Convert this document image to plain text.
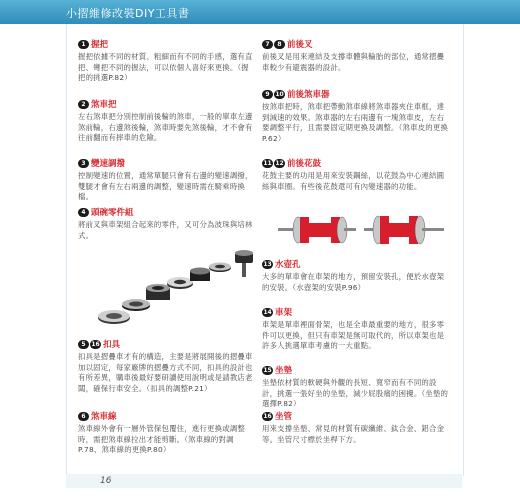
小摺維修改裝DIY工具書
1 握把
握把依據不同的材質、粗細而有不同的手感，選有直把、彎把不同的握法，可以依個人喜好來更換。（握把的挑選P.82）
2 煞車把
左右煞車把分別控制前後輪的煞車，一般的單車左邊煞前輪，右邊煞後輪，煞車時要先煞後輪，才不會有往前翻而有摔車的危險。
3 變速調撥
控制變速的位置，通常單腿只會有右邊的變速調撥，雙腿才會有左右兩邊的調整，變速時需在騎乘時換檔。
4 頭碗零件組
將前叉與車架組合起來的零件，又可分為波珠與培林式。
5 16 扣具
扣具是摺疊車才有的構造，主要是將展開後的摺疊車加以固定，每家廠牌的摺疊方式不同，扣具的設計也有所差異，購車後最好要研讀使用說明或是請教店老闆，確保行車安全。（扣具的調整P.21）
6 煞車線
煞車線外會有一層外管保包覆住，進行更換或調整時，需把煞車線拉出才能剪斷。（煞車線的對調P.78、煞車線的更換P.80）
7	8 前後叉
前後叉是用來連結及支撐車體與輪胎的部位，通常摺疊車較少有避震器的設計。
9 10 前後煞車器
按煞車把時，煞車把帶動煞車線將煞車器夾住車框，達到減速的效果。煞車器的左右兩邊有一塊煞車皮，左右要調整平行，且需要固定期更換及調整。（煞車皮的更換P.62）
11 12 前後花鼓
花鼓主要的功用是用來安裝鋼絲，以花鼓為中心連結圓絲與車圈。有些後花鼓還可有內變速器的功能。
13 水壺孔
大多的單車會在車架的地方，預留安裝孔，便於水壺架的安裝。（水壺架的安裝P.96）
14 車架
車架是單車裡面骨架，也是全車最重要的地方，很多零件可以更換，但只有車架是無可取代的，所以車架也是許多人挑選單車考慮的一大重點。
15 坐墊
坐墊依材質的軟硬與外觀的長短、寬窄而有不同的設計，挑選一張好坐的坐墊，減少屁股痛的困擾。（坐墊的選擇P.82）
16 坐管
用來支撐坐墊、常見的材質有碳纖維、鈦合金、鋁合金等。坐管尺寸標於坐桿下方。
16
